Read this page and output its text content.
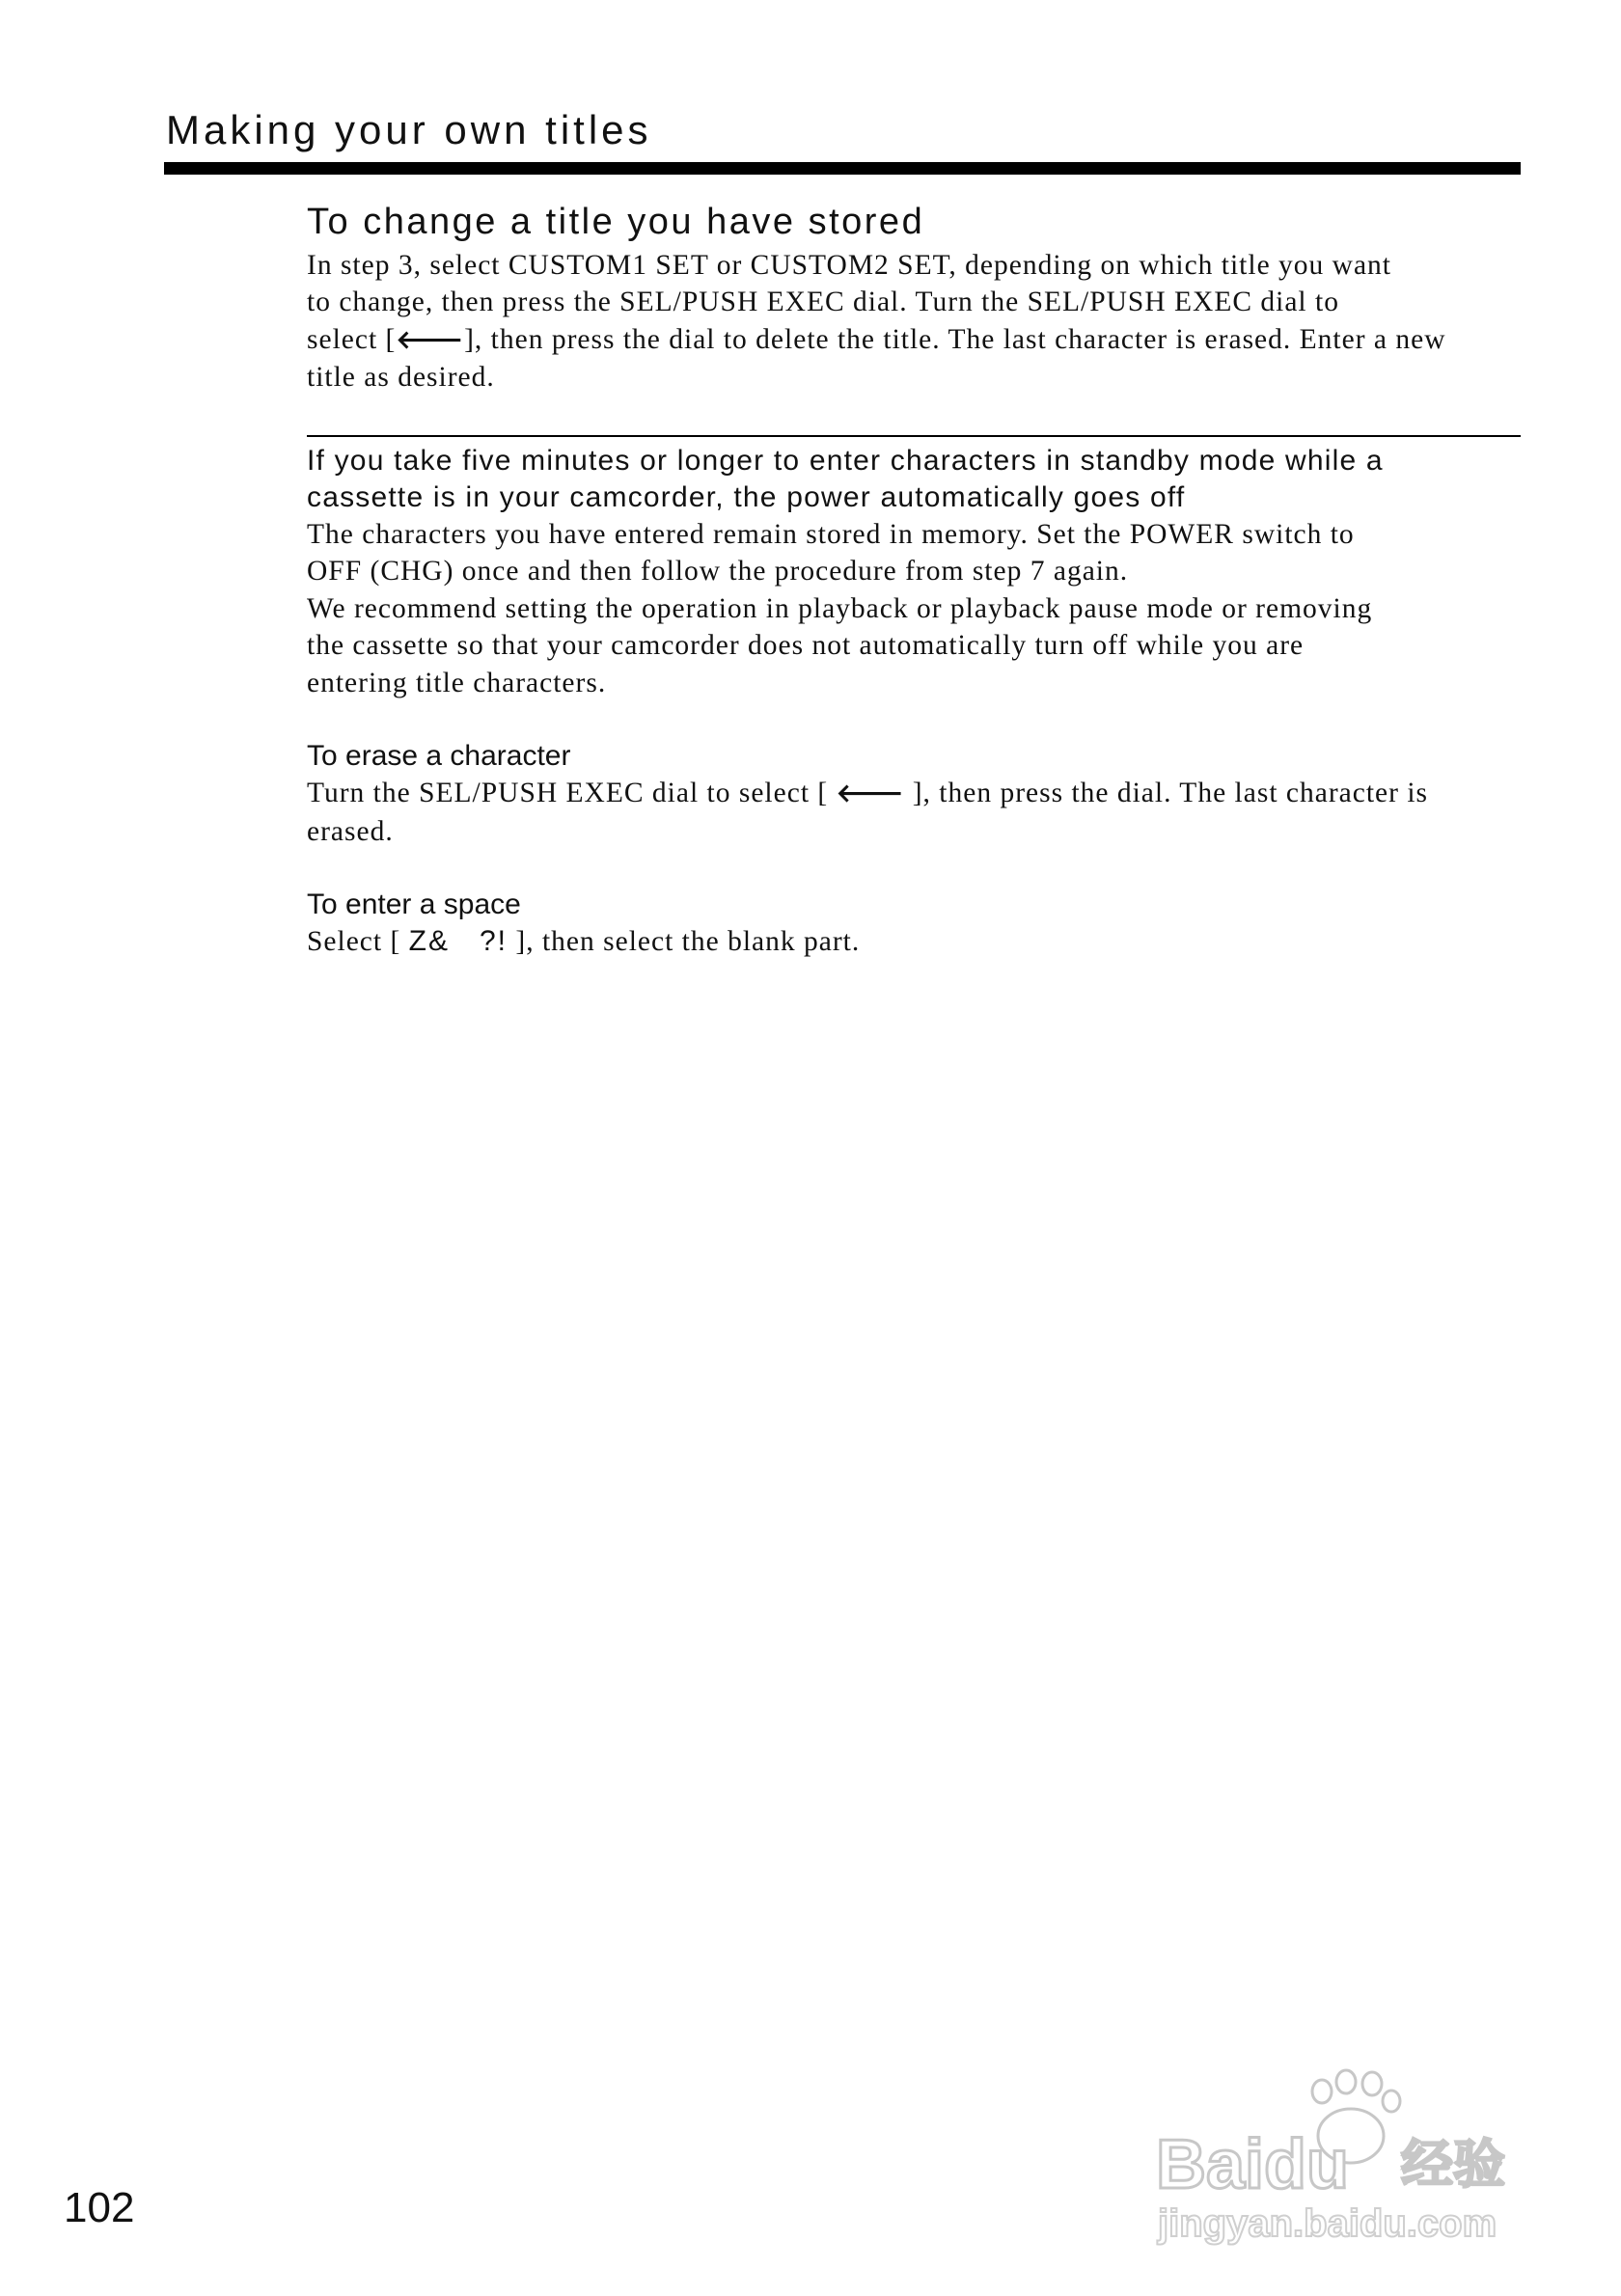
Making your own titles
To change a title you have stored

In step 3, select CUSTOM1 SET or CUSTOM2 SET, depending on which title you want
to change, then press the SEL/PUSH EXEC dial. Turn the SEL/PUSH EXEC dial to
select [🡐], then press the dial to delete the title. The last character is erased. Enter a new
title as desired.

If you take five minutes or longer to enter characters in standby mode while a
cassette is in your camcorder, the power automatically goes off

The characters you have entered remain stored in memory. Set the POWER switch to
OFF (CHG) once and then follow the procedure from step 7 again.
We recommend setting the operation in playback or playback pause mode or removing
the cassette so that your camcorder does not automatically turn off while you are
entering title characters.

To erase a character

Turn the SEL/PUSH EXEC dial to select [ 🡐 ], then press the dial. The last character is
erased.

To enter a space

Select [ Z&   ?! ], then select the blank part.

102

Baidu 经验
jingyan.baidu.com
